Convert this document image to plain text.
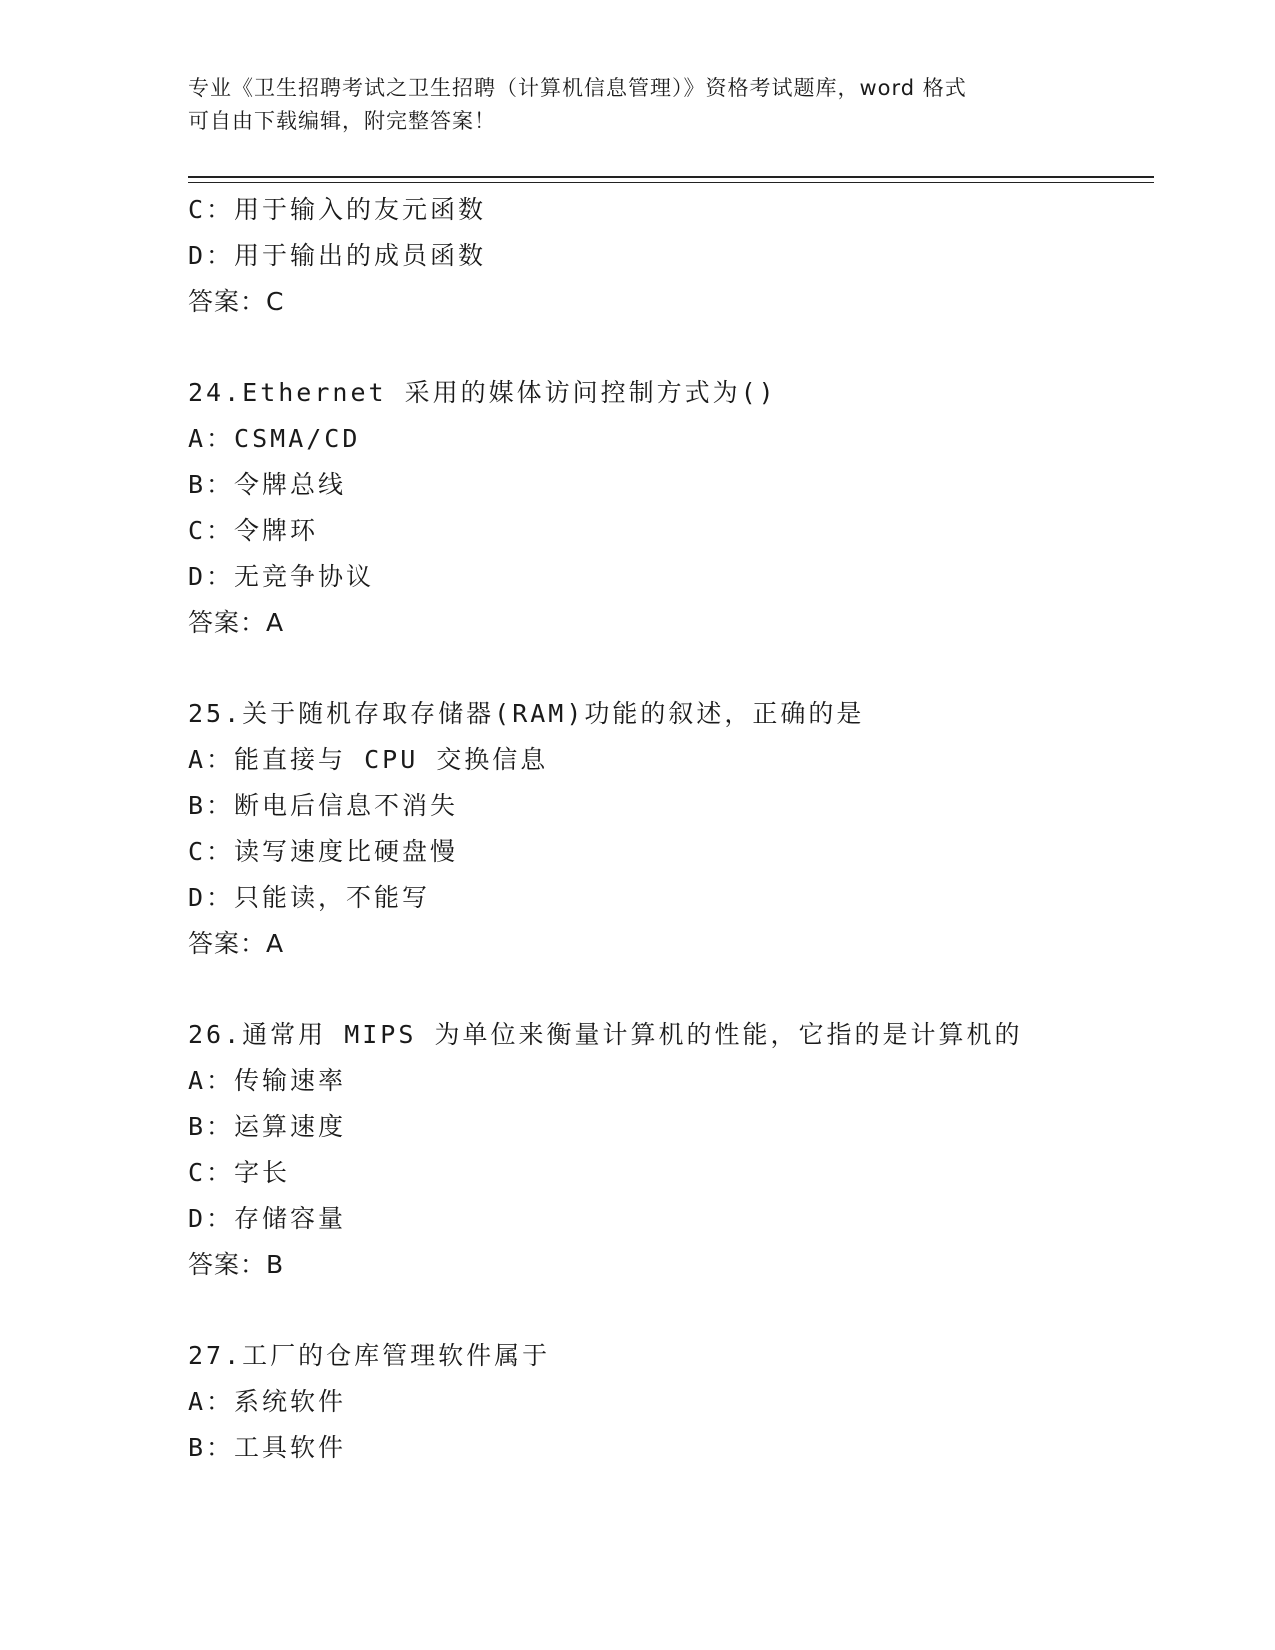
专业《卫生招聘考试之卫生招聘（计算机信息管理）》资格考试题库，word 格式
可自由下载编辑，附完整答案！
C：用于输入的友元函数
D：用于输出的成员函数
答案：C
24.Ethernet 采用的媒体访问控制方式为()
A：CSMA/CD
B：令牌总线
C：令牌环
D：无竞争协议
答案：A
25.关于随机存取存储器(RAM)功能的叙述，正确的是
A：能直接与 CPU 交换信息
B：断电后信息不消失
C：读写速度比硬盘慢
D：只能读，不能写
答案：A
26.通常用 MIPS 为单位来衡量计算机的性能，它指的是计算机的
A：传输速率
B：运算速度
C：字长
D：存储容量
答案：B
27.工厂的仓库管理软件属于
A：系统软件
B：工具软件
